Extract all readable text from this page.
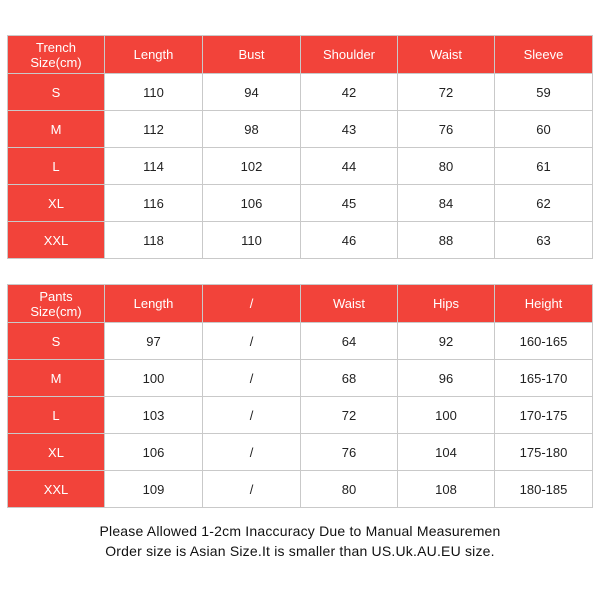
Trench
Size(cm)	Length	Bust	Shoulder	Waist	Sleeve
S	110	94	42	72	59
M	112	98	43	76	60
L	114	102	44	80	61
XL	116	106	45	84	62
XXL	118	110	46	88	63
Pants
Size(cm)	Length	/	Waist	Hips	Height
S	97	/	64	92	160-165
M	100	/	68	96	165-170
L	103	/	72	100	170-175
XL	106	/	76	104	175-180
XXL	109	/	80	108	180-185
Please Allowed 1-2cm Inaccuracy Due to Manual Measuremen
Order size is Asian Size.It is smaller than US.Uk.AU.EU size.
